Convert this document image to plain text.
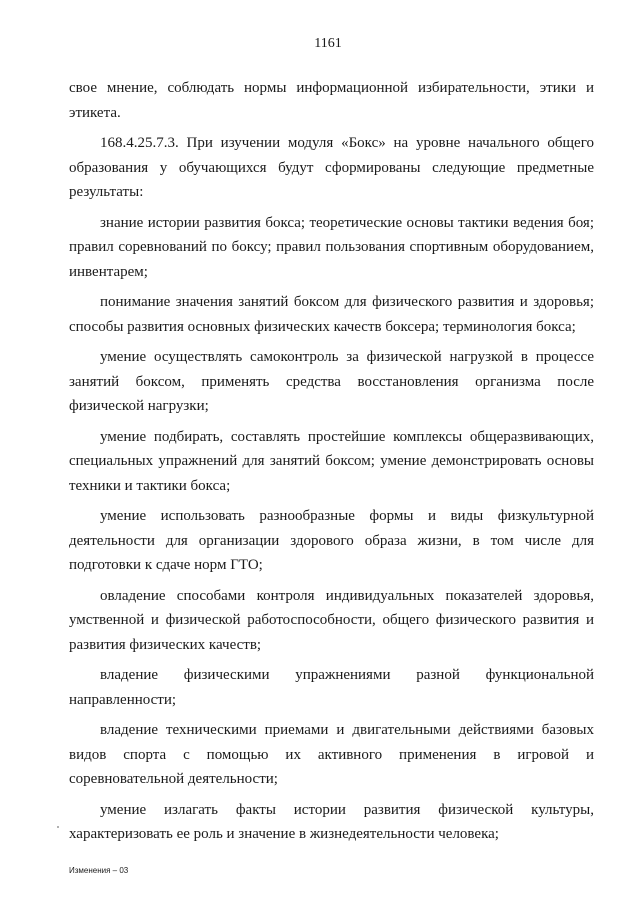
1161

свое мнение, соблюдать нормы информационной избирательности, этики и этикета.

168.4.25.7.3. При изучении модуля «Бокс» на уровне начального общего образования у обучающихся будут сформированы следующие предметные результаты:

знание истории развития бокса; теоретические основы тактики ведения боя; правил соревнований по боксу; правил пользования спортивным оборудованием, инвентарем;

понимание значения занятий боксом для физического развития и здоровья; способы развития основных физических качеств боксера; терминология бокса;

умение осуществлять самоконтроль за физической нагрузкой в процессе занятий боксом, применять средства восстановления организма после физической нагрузки;

умение подбирать, составлять простейшие комплексы общеразвивающих, специальных упражнений для занятий боксом; умение демонстрировать основы техники и тактики бокса;

умение использовать разнообразные формы и виды физкультурной деятельности для организации здорового образа жизни, в том числе для подготовки к сдаче норм ГТО;

овладение способами контроля индивидуальных показателей здоровья, умственной и физической работоспособности, общего физического развития и развития физических качеств;

владение физическими упражнениями разной функциональной направленности;

владение техническими приемами и двигательными действиями базовых видов спорта с помощью их активного применения в игровой и соревновательной деятельности;

умение излагать факты истории развития физической культуры, характеризовать ее роль и значение в жизнедеятельности человека;

Изменения – 03
